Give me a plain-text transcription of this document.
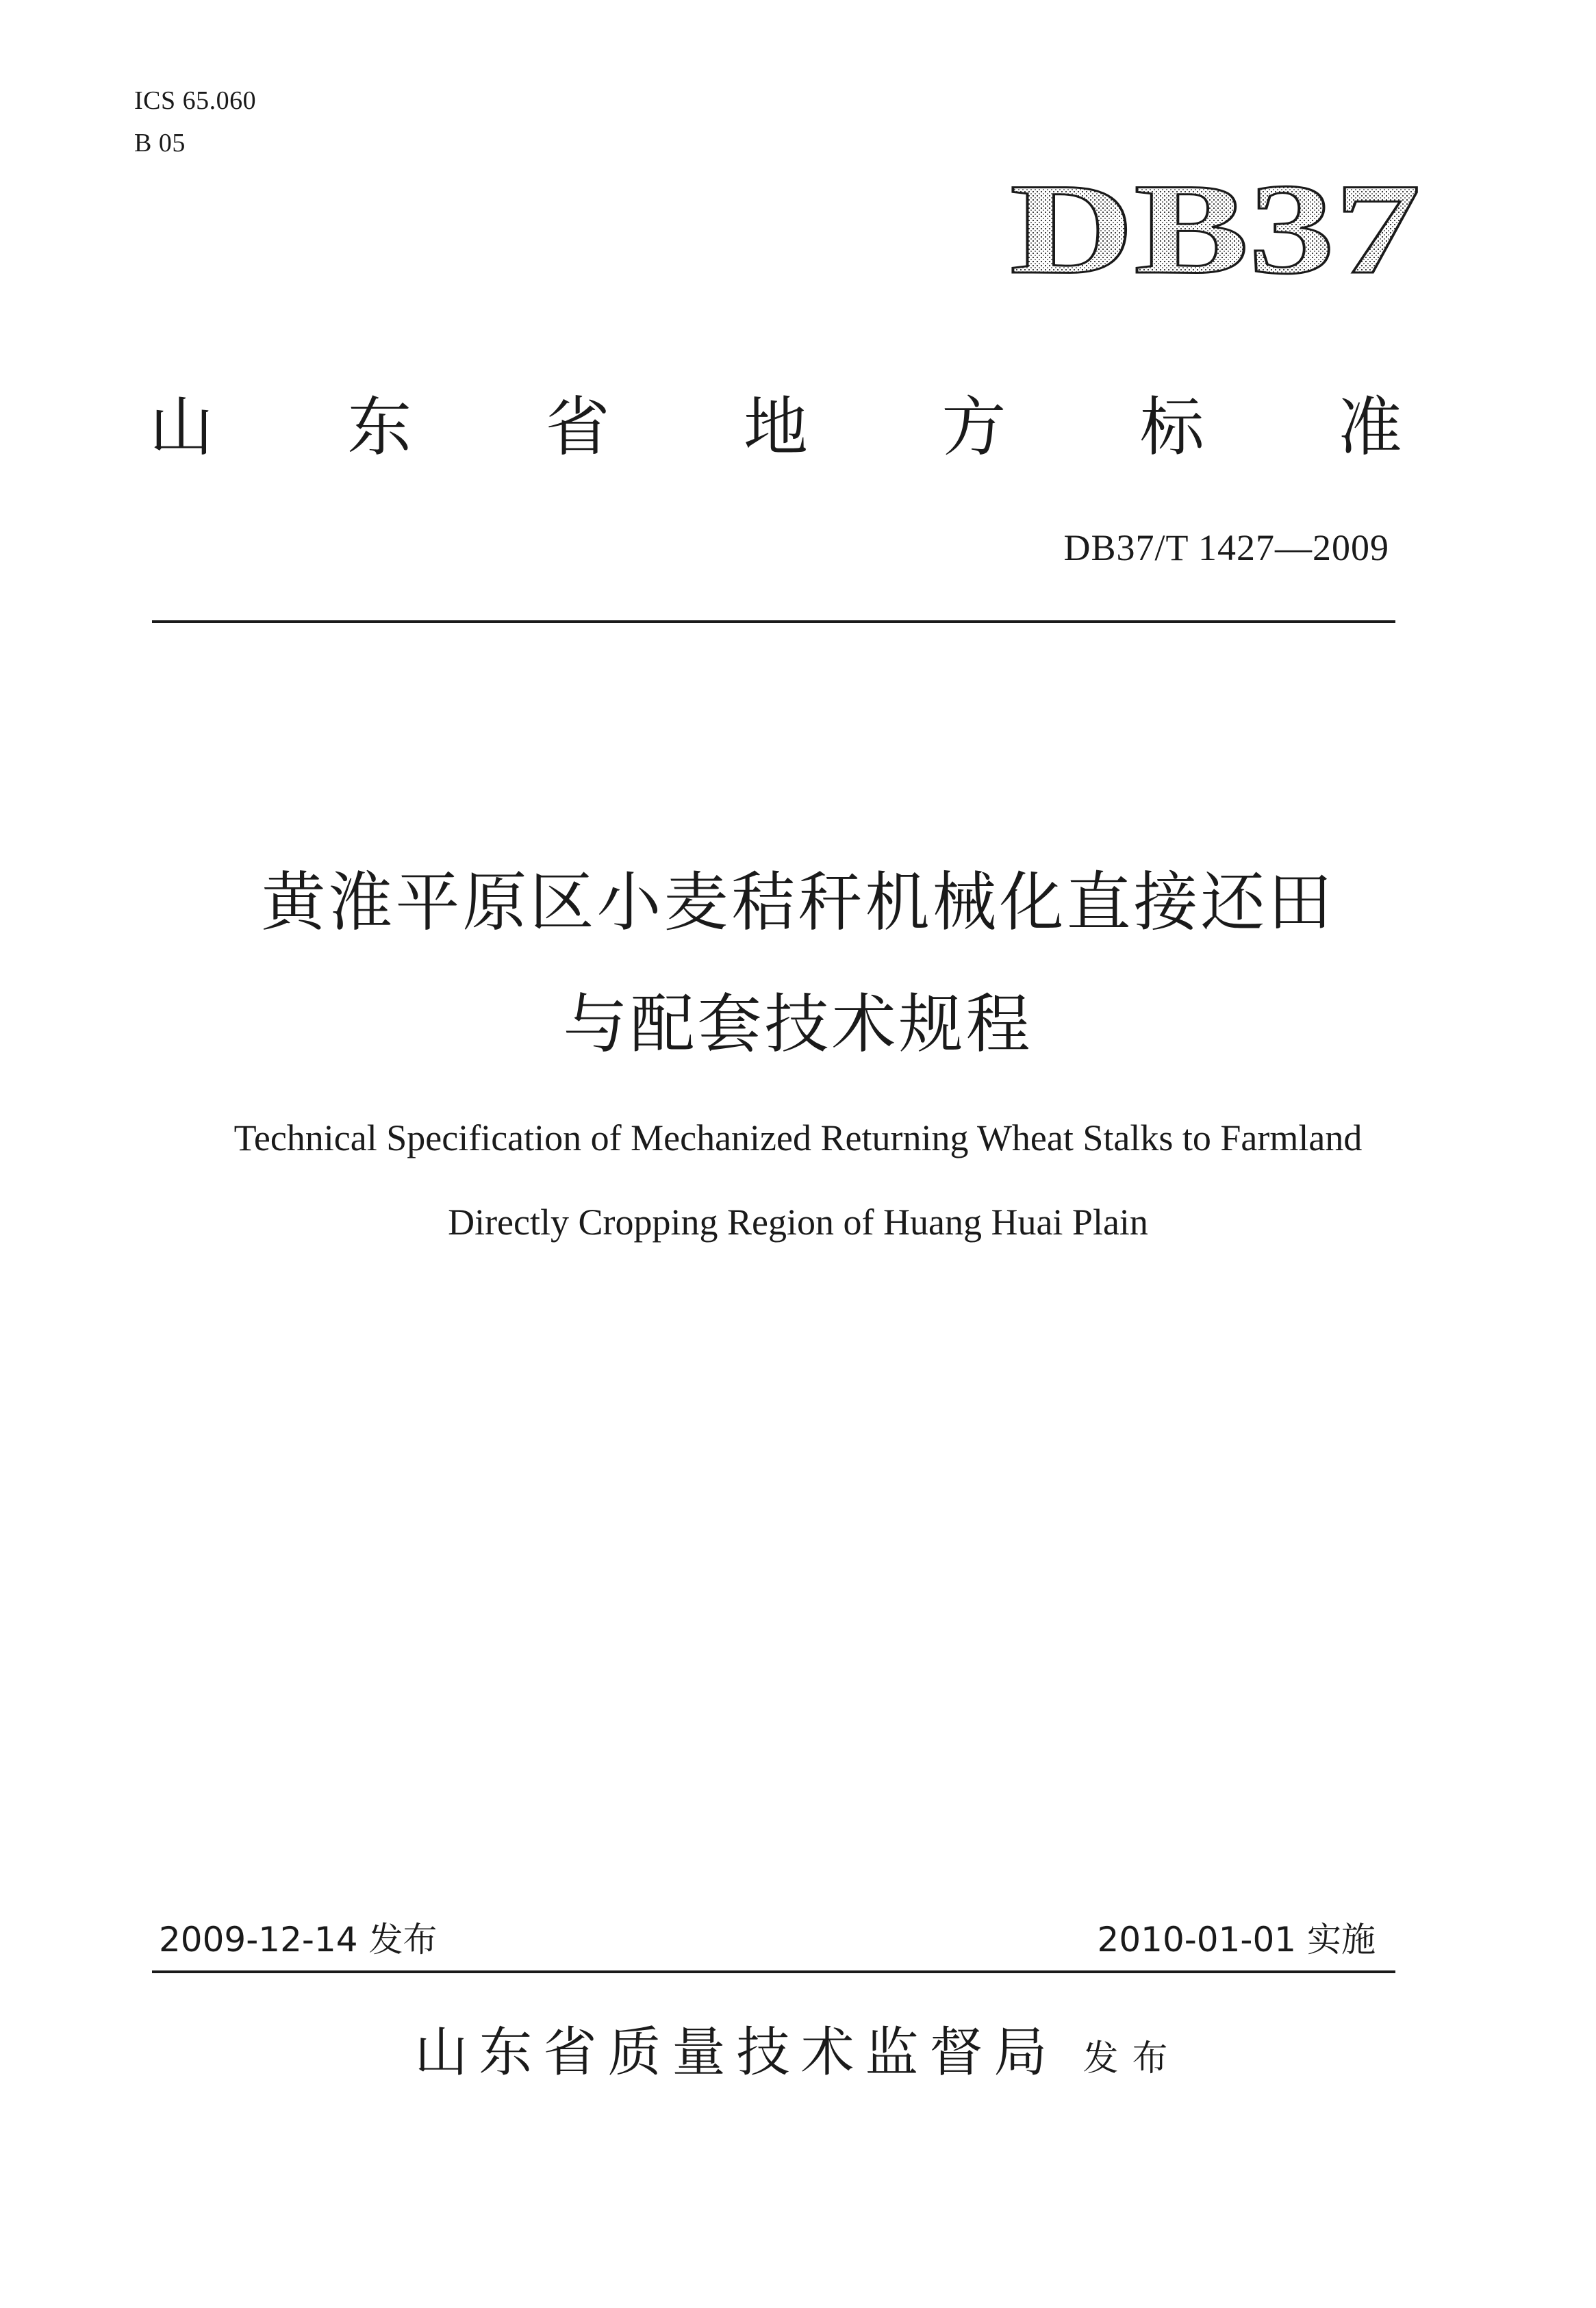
ICS 65.060
B 05
DB37
山 东 省 地 方 标 准
DB37/T 1427—2009
黄淮平原区小麦秸秆机械化直接还田
与配套技术规程
Technical Specification of Mechanized Returning Wheat Stalks to Farmland
Directly Cropping Region of Huang Huai Plain
2009-12-14 发布	2010-01-01 实施
山东省质量技术监督局 发布
